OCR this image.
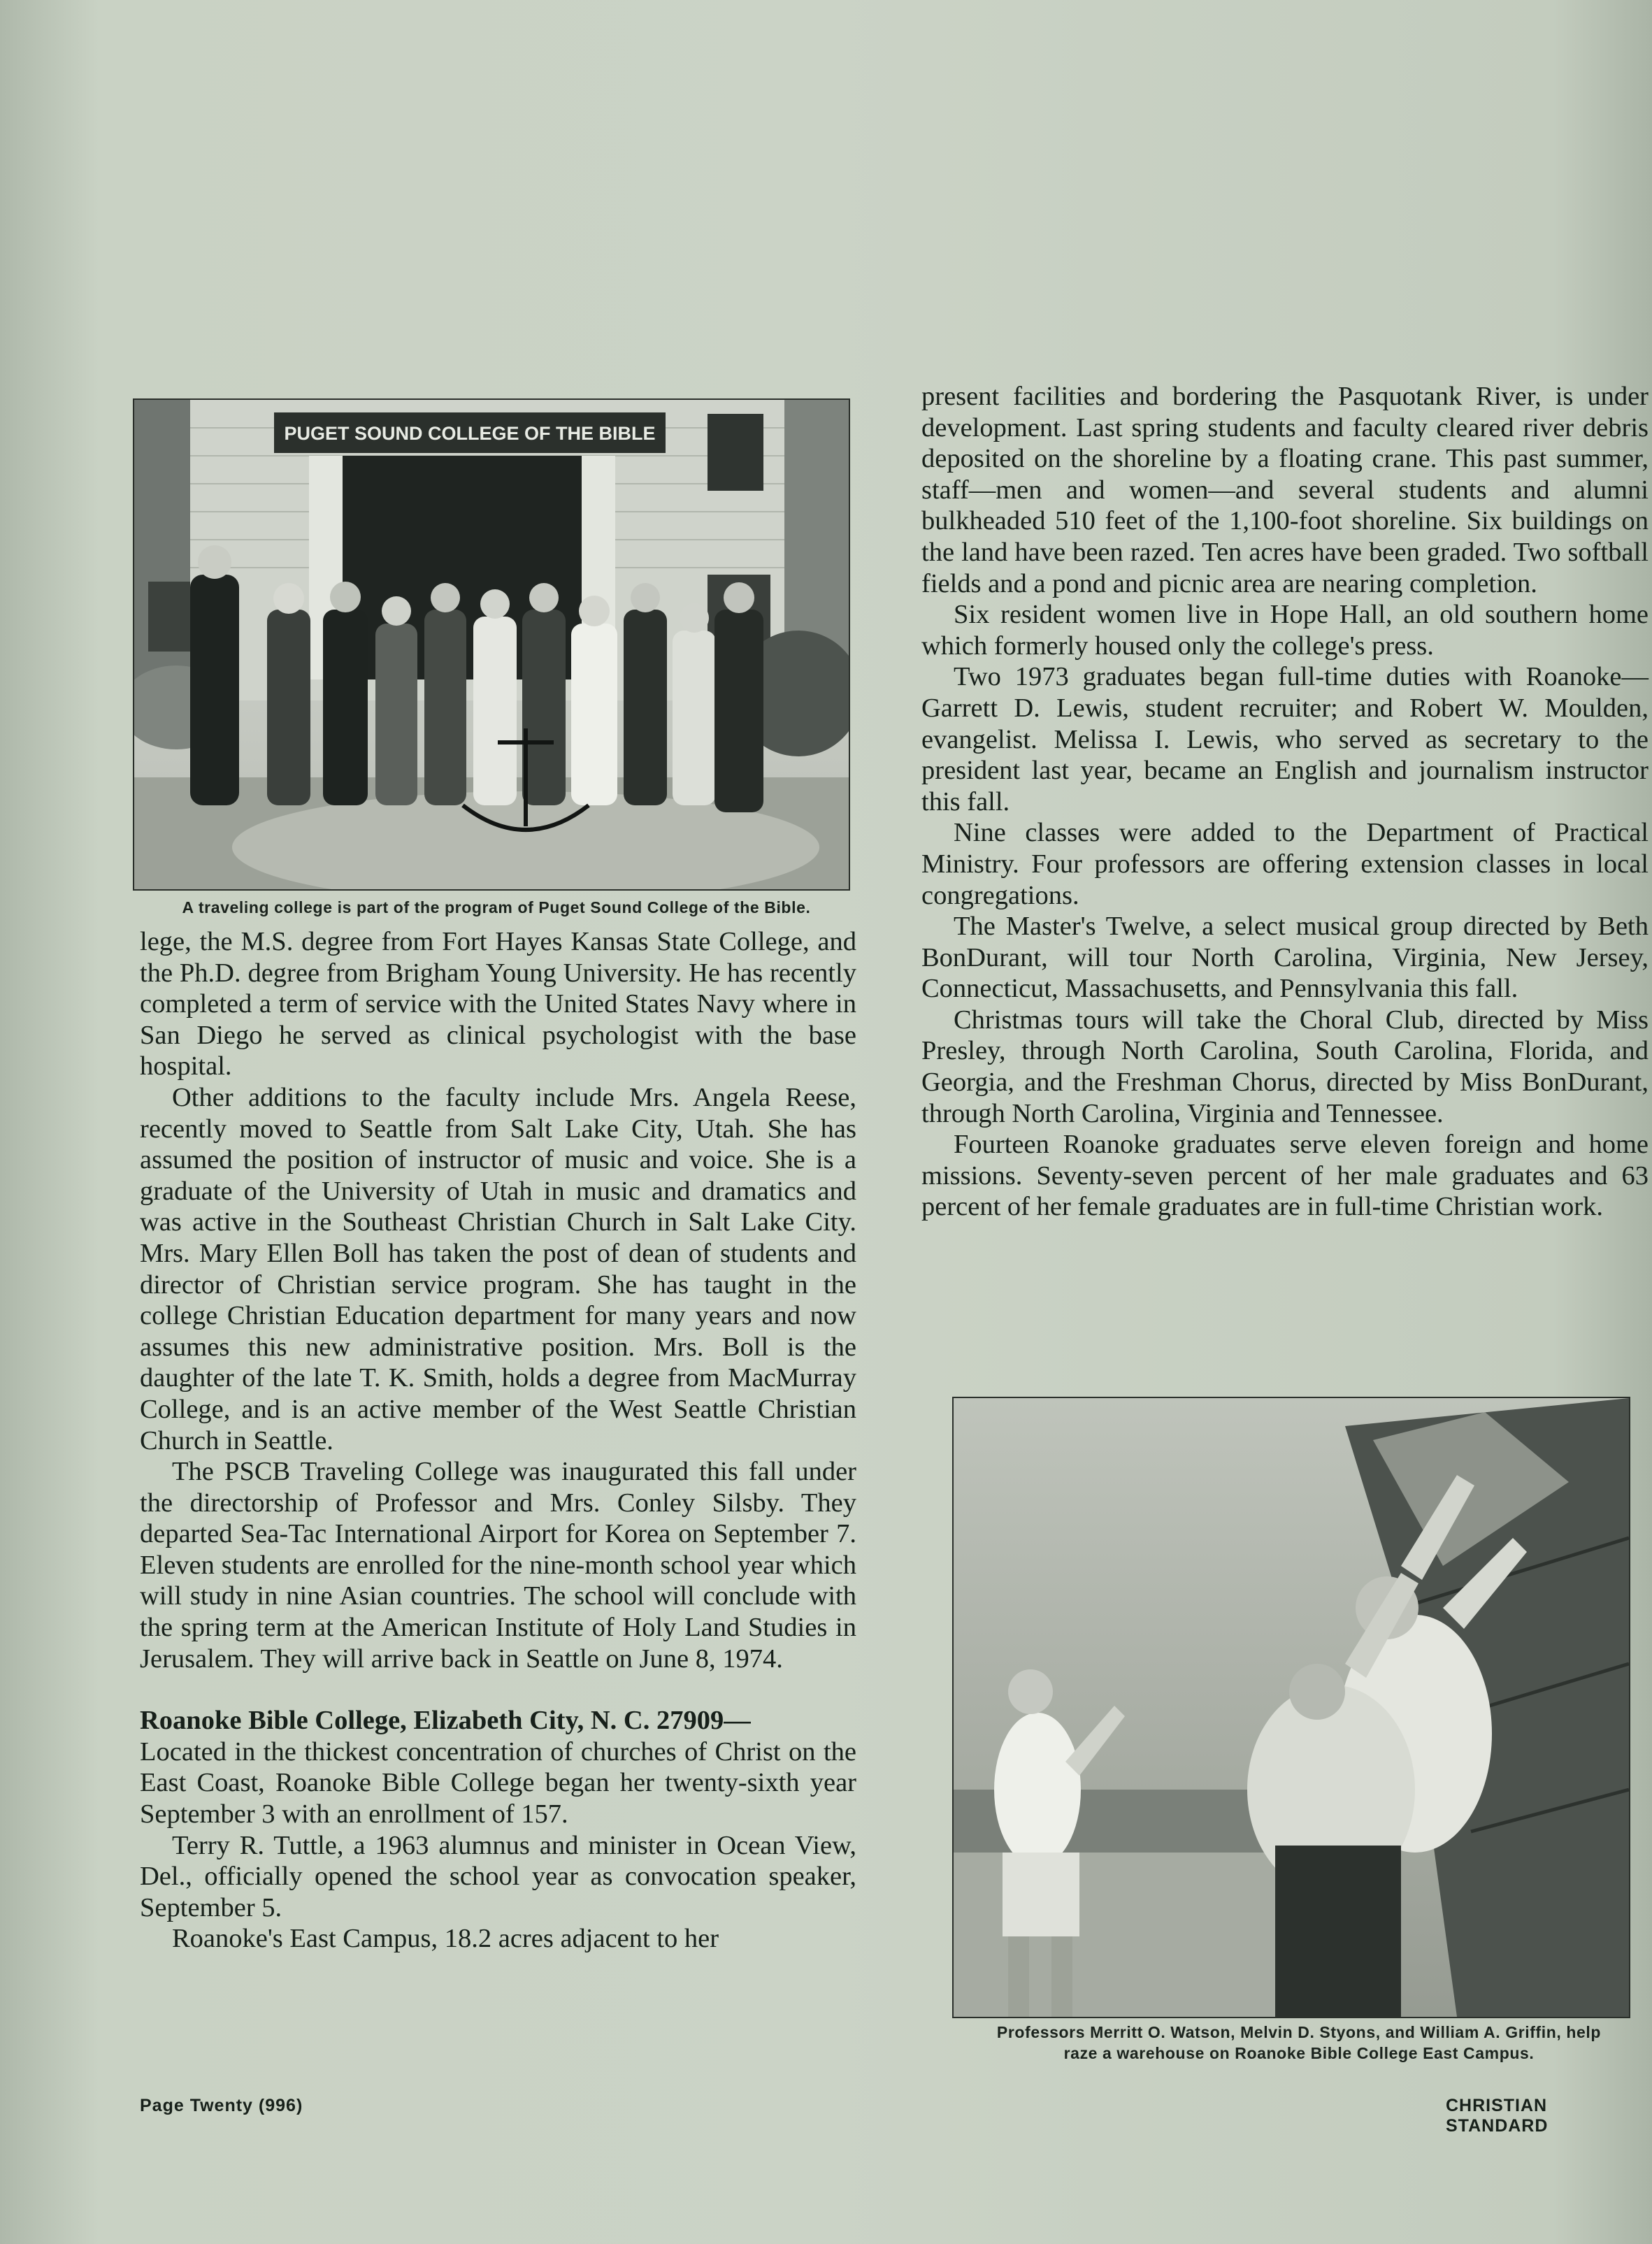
PUGET SOUND COLLEGE OF THE BIBLE
A traveling college is part of the program of Puget Sound College of the Bible.
Professors Merritt O. Watson, Melvin D. Styons, and William A. Griffin, help
raze a warehouse on Roanoke Bible College East Campus.

lege, the M.S. degree from Fort Hayes Kansas State College, and the Ph.D. degree from Brigham Young University. He has recently completed a term of service with the United States Navy where in San Diego he served as clinical psychologist with the base hospital.

Other additions to the faculty include Mrs. Angela Reese, recently moved to Seattle from Salt Lake City, Utah. She has assumed the position of instructor of music and voice. She is a graduate of the University of Utah in music and dramatics and was active in the Southeast Christian Church in Salt Lake City. Mrs. Mary Ellen Boll has taken the post of dean of students and director of Christian service program. She has taught in the college Christian Education department for many years and now assumes this new administrative position. Mrs. Boll is the daughter of the late T. K. Smith, holds a degree from MacMurray College, and is an active member of the West Seattle Christian Church in Seattle.

The PSCB Traveling College was inaugurated this fall under the directorship of Professor and Mrs. Conley Silsby. They departed Sea-Tac International Airport for Korea on September 7. Eleven students are enrolled for the nine-month school year which will study in nine Asian countries. The school will conclude with the spring term at the American Institute of Holy Land Studies in Jerusalem. They will arrive back in Seattle on June 8, 1974.

Roanoke Bible College, Elizabeth City, N. C. 27909—
Located in the thickest concentration of churches of Christ on the East Coast, Roanoke Bible College began her twenty-sixth year September 3 with an enrollment of 157.

Terry R. Tuttle, a 1963 alumnus and minister in Ocean View, Del., officially opened the school year as convocation speaker, September 5.

Roanoke's East Campus, 18.2 acres adjacent to her

present facilities and bordering the Pasquotank River, is under development. Last spring students and faculty cleared river debris deposited on the shoreline by a floating crane. This past summer, staff—men and women—and several students and alumni bulkheaded 510 feet of the 1,100-foot shoreline. Six buildings on the land have been razed. Ten acres have been graded. Two softball fields and a pond and picnic area are nearing completion.

Six resident women live in Hope Hall, an old southern home which formerly housed only the college's press.

Two 1973 graduates began full-time duties with Roanoke—Garrett D. Lewis, student recruiter; and Robert W. Moulden, evangelist. Melissa I. Lewis, who served as secretary to the president last year, became an English and journalism instructor this fall.

Nine classes were added to the Department of Practical Ministry. Four professors are offering extension classes in local congregations.

The Master's Twelve, a select musical group directed by Beth BonDurant, will tour North Carolina, Virginia, New Jersey, Connecticut, Massachusetts, and Pennsylvania this fall.

Christmas tours will take the Choral Club, directed by Miss Presley, through North Carolina, South Carolina, Florida, and Georgia, and the Freshman Chorus, directed by Miss BonDurant, through North Carolina, Virginia and Tennessee.

Fourteen Roanoke graduates serve eleven foreign and home missions. Seventy-seven percent of her male graduates and 63 percent of her female graduates are in full-time Christian work.

Page Twenty (996)	CHRISTIAN STANDARD
